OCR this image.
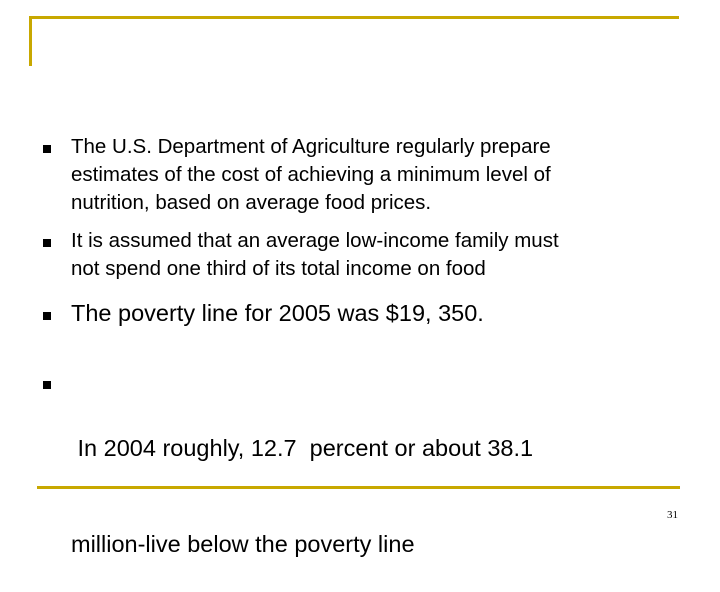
The U.S. Department of Agriculture regularly prepare
estimates of the cost of achieving a minimum level of
nutrition, based on average food prices.
It is assumed that an average low-income family must
not spend one third of its total income on food
The poverty line for 2005 was $19, 350.

In 2004 roughly, 12.7  percent or about 38.1

million-live below the poverty line

31
